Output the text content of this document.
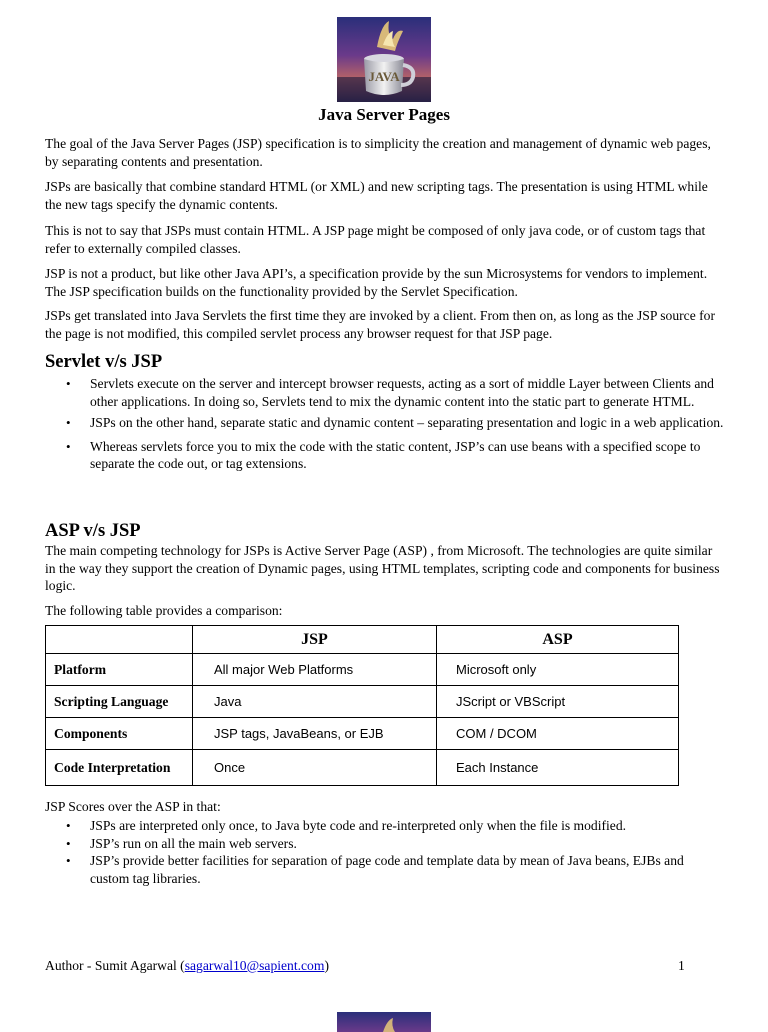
JAVA
Java Server Pages

The goal of the Java Server Pages (JSP) specification is to simplicity the creation and management of dynamic web pages, by separating contents and presentation.

JSPs are basically that combine standard HTML (or XML) and new scripting tags. The presentation is using HTML while the new tags specify the dynamic contents.

This is not to say that JSPs must contain HTML. A JSP page might be composed of only java code, or of custom tags that refer to externally compiled classes.

JSP is not a product, but like other Java API’s, a specification provide by the sun Microsystems for vendors to implement. The JSP specification builds on the functionality provided by the Servlet Specification.

JSPs get translated into Java Servlets the first time they are invoked by a client. From then on, as long as the JSP source for the page is not modified, this compiled servlet process any browser request for that JSP page.

Servlet v/s JSP
• Servlets execute on the server and intercept browser requests, acting as a sort of middle Layer between Clients and other applications. In doing so, Servlets tend to mix the dynamic content into the static part to generate HTML.
• JSPs on the other hand, separate static and dynamic content – separating presentation and logic in a web application.
• Whereas servlets force you to mix the code with the static content, JSP’s can use beans with a specified scope to separate the code out, or tag extensions.
ASP v/s JSP

The main competing technology for JSPs is Active Server Page (ASP) , from Microsoft. The technologies are quite similar in the way they support the creation of Dynamic pages, using HTML templates, scripting code and components for business logic.

The following table provides a comparison:

	JSP	ASP
Platform	All major Web Platforms	Microsoft only
Scripting Language	Java	JScript or VBScript
Components	JSP tags, JavaBeans, or EJB	COM / DCOM
Code Interpretation	Once	Each Instance

JSP Scores over the ASP in that:

• JSPs are interpreted only once, to Java byte code and re-interpreted only when the file is modified.
• JSP’s run on all the main web servers.
• JSP’s provide better facilities for separation of page code and template data by mean of Java beans, EJBs and custom tag libraries.
Author - Sumit Agarwal (sagarwal10@sapient.com)	1
